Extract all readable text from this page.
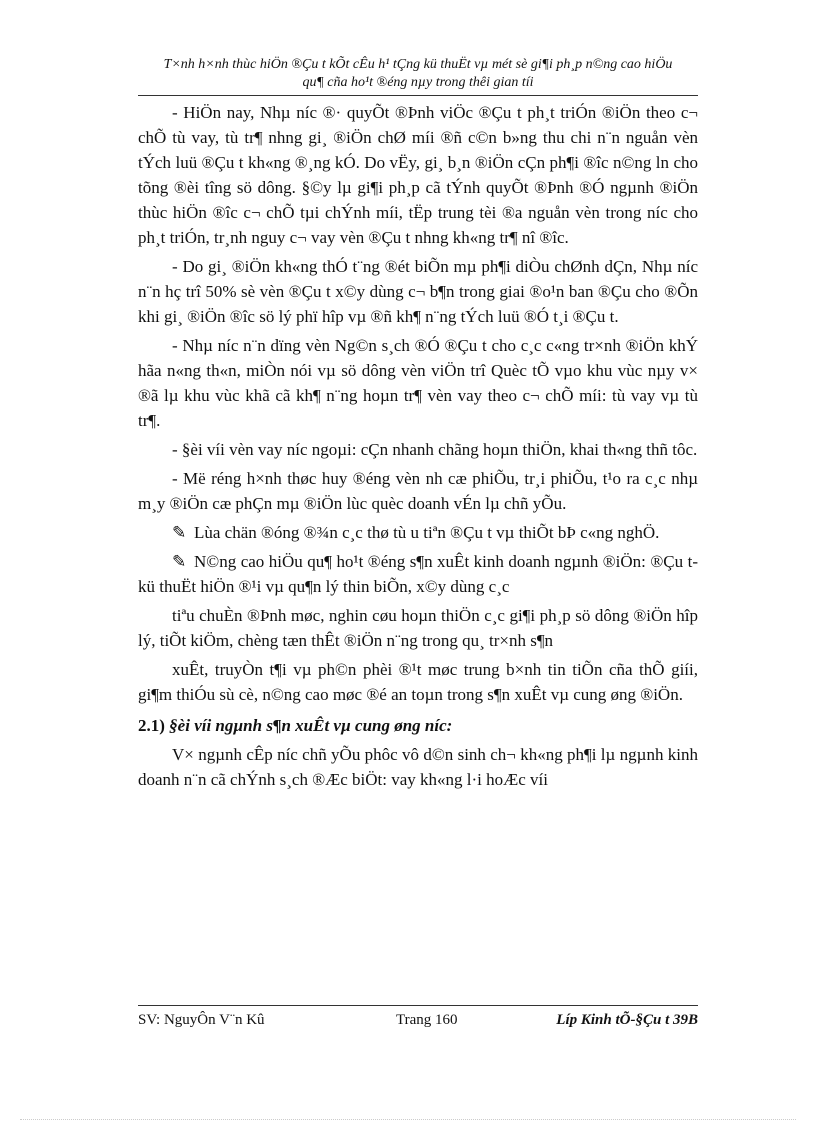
T×nh h×nh thùc hiÖn ®Çu t kÕt cÊu h¹ tÇng kü thuËt vµ mét sè gi¶i ph¸p n©ng cao hiÖu
qu¶ cña ho¹t ®éng nµy trong thêi gian tíi

- HiÖn nay, Nhµ níc ®· quyÕt ®Þnh viÖc ®Çu t ph¸t triÓn ®iÖn theo c¬ chÕ tù vay, tù tr¶ nhng gi¸ ®iÖn chØ míi ®ñ c©n b»ng thu chi n¨n nguån vèn tÝch luü ®Çu t kh«ng ®¸ng kÓ. Do vËy, gi¸ b¸n ®iÖn cÇn ph¶i ®îc n©ng ln cho tõng ®èi tîng sö dông. §©y lµ gi¶i ph¸p cã tÝnh quyÕt ®Þnh ®Ó ngµnh ®iÖn thùc hiÖn ®îc c¬ chÕ tµi chÝnh míi, tËp trung tèi ®a nguån vèn trong níc cho ph¸t triÓn, tr¸nh nguy c¬ vay vèn ®Çu t nhng kh«ng tr¶ nî ®îc.

- Do gi¸ ®iÖn kh«ng thÓ t¨ng ®ét biÕn mµ ph¶i diÒu chØnh dÇn, Nhµ níc n¨n hç trî 50% sè vèn ®Çu t x©y dùng c¬ b¶n trong giai ®o¹n ban ®Çu cho ®Õn khi gi¸ ®iÖn ®îc sö lý phï hîp vµ ®ñ kh¶ n¨ng tÝch luü ®Ó t¸i ®Çu t.

- Nhµ níc n¨n dïng vèn Ng©n s¸ch ®Ó ®Çu t cho c¸c c«ng tr×nh ®iÖn khÝ hãa n«ng th«n, miÒn nói vµ sö dông vèn viÖn trî Quèc tÕ vµo khu vùc nµy v× ®ã lµ khu vùc khã cã kh¶ n¨ng hoµn tr¶ vèn vay theo c¬ chÕ míi: tù vay vµ tù tr¶.

- §èi víi vèn vay níc ngoµi: cÇn nhanh chãng hoµn thiÖn, khai th«ng thñ tôc.

- Më réng h×nh thøc huy ®éng vèn nh cæ phiÕu, tr¸i phiÕu, t¹o ra c¸c nhµ m¸y ®iÖn cæ phÇn mµ ®iÖn lùc quèc doanh vÉn lµ chñ yÕu.

✎ Lùa chän ®óng ®¾n c¸c thø tù u tiªn ®Çu t vµ thiÕt bÞ c«ng nghÖ.

✎ N©ng cao hiÖu qu¶ ho¹t ®éng s¶n xuÊt kinh doanh ngµnh ®iÖn: ®Çu t kü thuËt hiÖn ®¹i vµ qu¶n lý thin biÕn, x©y dùng c¸c

tiªu chuÈn ®Þnh møc, nghin cøu hoµn thiÖn c¸c gi¶i ph¸p sö dông ®iÖn hîp lý, tiÕt kiÖm, chèng tæn thÊt ®iÖn n¨ng trong qu¸ tr×nh s¶n

xuÊt, truyÒn t¶i vµ ph©n phèi ®¹t møc trung b×nh tin tiÕn cña thÕ giíi, gi¶m thiÓu sù cè, n©ng cao møc ®é an toµn trong s¶n xuÊt vµ cung øng ®iÖn.

2.1) §èi víi ngµnh s¶n xuÊt vµ cung øng níc:

V× ngµnh cÊp níc chñ yÕu phôc vô d©n sinh ch¬ kh«ng ph¶i lµ ngµnh kinh doanh n¨n cã chÝnh s¸ch ®Æc biÖt: vay kh«ng l·i hoÆc víi

SV: NguyÔn V¨n Kû	Trang 160	Líp Kinh tÕ-§Çu t 39B
